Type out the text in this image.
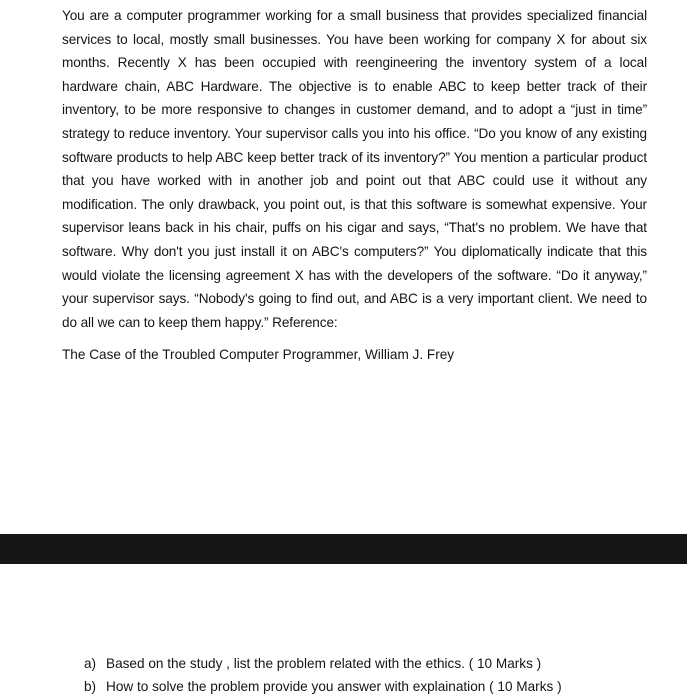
You are a computer programmer working for a small business that provides specialized financial services to local, mostly small businesses. You have been working for company X for about six months. Recently X has been occupied with reengineering the inventory system of a local hardware chain, ABC Hardware. The objective is to enable ABC to keep better track of their inventory, to be more responsive to changes in customer demand, and to adopt a “just in time” strategy to reduce inventory. Your supervisor calls you into his office. “Do you know of any existing software products to help ABC keep better track of its inventory?” You mention a particular product that you have worked with in another job and point out that ABC could use it without any modification. The only drawback, you point out, is that this software is somewhat expensive. Your supervisor leans back in his chair, puffs on his cigar and says, “That's no problem. We have that software. Why don't you just install it on ABC's computers?” You diplomatically indicate that this would violate the licensing agreement X has with the developers of the software. “Do it anyway,” your supervisor says. “Nobody's going to find out, and ABC is a very important client. We need to do all we can to keep them happy.” Reference:

The Case of the Troubled Computer Programmer, William J. Frey

a) Based on the study , list the problem related with the ethics. ( 10 Marks )
b) How to solve the problem provide you answer with explaination ( 10 Marks )
